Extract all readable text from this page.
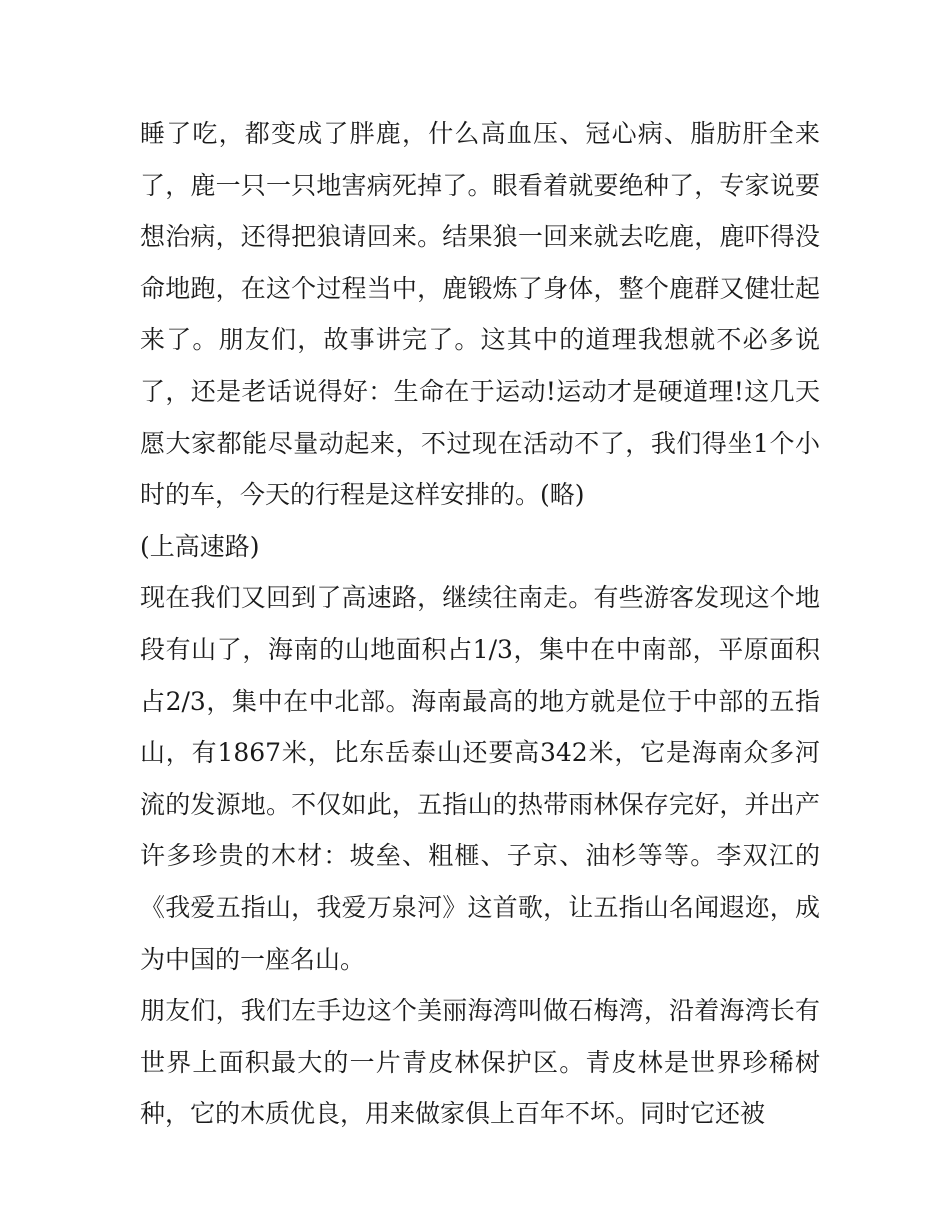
睡了吃，都变成了胖鹿，什么高血压、冠心病、脂肪肝全来
了，鹿一只一只地害病死掉了。眼看着就要绝种了，专家说要
想治病，还得把狼请回来。结果狼一回来就去吃鹿，鹿吓得没
命地跑，在这个过程当中，鹿锻炼了身体，整个鹿群又健壮起
来了。朋友们，故事讲完了。这其中的道理我想就不必多说
了，还是老话说得好：生命在于运动!运动才是硬道理!这几天
愿大家都能尽量动起来，不过现在活动不了，我们得坐1个小
时的车，今天的行程是这样安排的。(略)
(上高速路)
现在我们又回到了高速路，继续往南走。有些游客发现这个地
段有山了，海南的山地面积占1/3，集中在中南部，平原面积
占2/3，集中在中北部。海南最高的地方就是位于中部的五指
山，有1867米，比东岳泰山还要高342米，它是海南众多河
流的发源地。不仅如此，五指山的热带雨林保存完好，并出产
许多珍贵的木材：坡垒、粗榧、子京、油杉等等。李双江的
《我爱五指山，我爱万泉河》这首歌，让五指山名闻遐迩，成
为中国的一座名山。
朋友们，我们左手边这个美丽海湾叫做石梅湾，沿着海湾长有
世界上面积最大的一片青皮林保护区。青皮林是世界珍稀树
种，它的木质优良，用来做家俱上百年不坏。同时它还被
